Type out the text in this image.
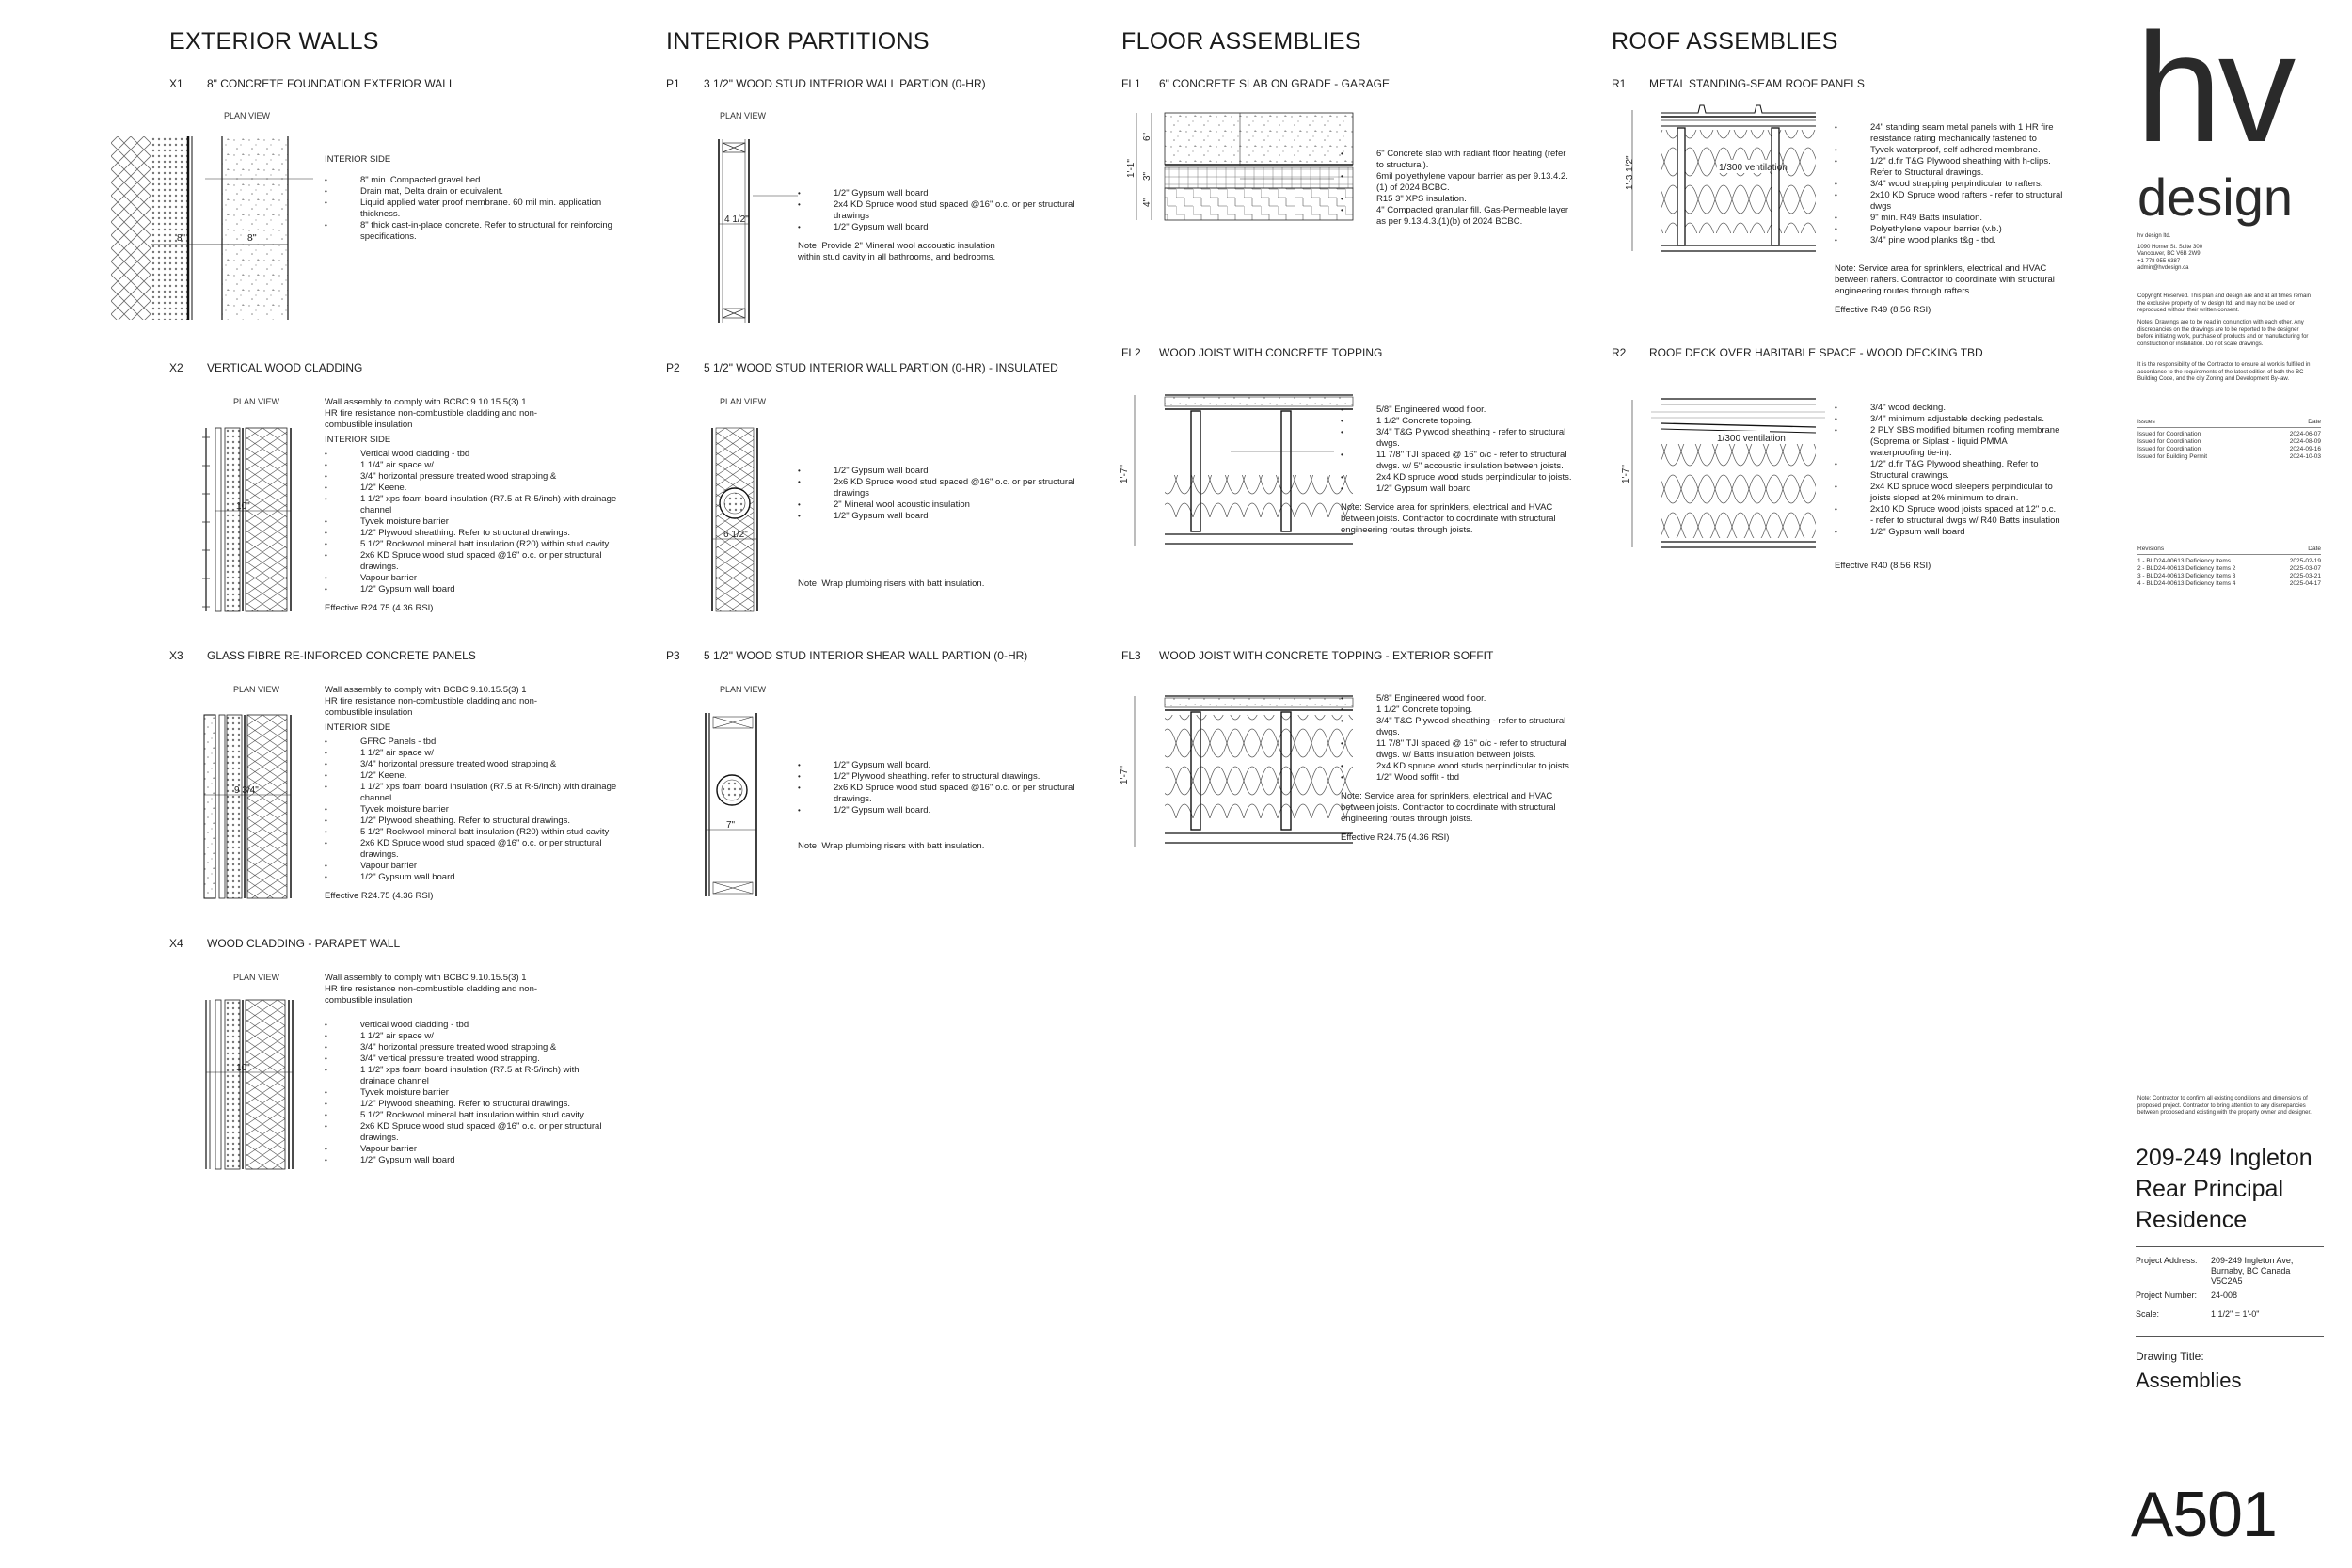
EXTERIOR WALLS	INTERIOR PARTITIONS	FLOOR ASSEMBLIES	ROOF ASSEMBLIES
X1 8" CONCRETE FOUNDATION EXTERIOR WALL
PLAN VIEW
8"	8"
INTERIOR SIDE
• 8" min. Compacted gravel bed.
• Drain mat, Delta drain or equivalent.
• Liquid applied water proof membrane. 60 mil min. application thickness.
• 8" thick cast-in-place concrete. Refer to structural for reinforcing specifications.
X2 VERTICAL WOOD CLADDING
PLAN VIEW
10"
Wall assembly to comply with BCBC 9.10.15.5(3) 1 HR fire resistance non-combustible cladding and non-combustible insulation
INTERIOR SIDE
• Vertical wood cladding - tbd
• 1 1/4" air space w/
• 3/4" horizontal pressure treated wood strapping &
• 1/2" Keene.
• 1 1/2" xps foam board insulation (R7.5 at R-5/inch) with drainage channel
• Tyvek moisture barrier
• 1/2" Plywood sheathing. Refer to structural drawings.
• 5 1/2" Rockwool mineral batt insulation (R20) within stud cavity
• 2x6 KD Spruce wood stud spaced @16" o.c. or per structural drawings.
• Vapour barrier
• 1/2" Gypsum wall board
Effective R24.75 (4.36 RSI)
X3 GLASS FIBRE RE-INFORCED CONCRETE PANELS
PLAN VIEW
9 3/4"
Wall assembly to comply with BCBC 9.10.15.5(3) 1 HR fire resistance non-combustible cladding and non-combustible insulation
INTERIOR SIDE
• GFRC Panels - tbd
• 1 1/2" air space w/
• 3/4" horizontal pressure treated wood strapping &
• 1/2" Keene.
• 1 1/2" xps foam board insulation (R7.5 at R-5/inch) with drainage channel
• Tyvek moisture barrier
• 1/2" Plywood sheathing. Refer to structural drawings.
• 5 1/2" Rockwool mineral batt insulation (R20) within stud cavity
• 2x6 KD Spruce wood stud spaced @16" o.c. or per structural drawings.
• Vapour barrier
• 1/2" Gypsum wall board
Effective R24.75 (4.36 RSI)
X4 WOOD CLADDING - PARAPET WALL
PLAN VIEW
10"
Wall assembly to comply with BCBC 9.10.15.5(3) 1 HR fire resistance non-combustible cladding and non-combustible insulation
• vertical wood cladding - tbd
• 1 1/2" air space w/
• 3/4" horizontal pressure treated wood strapping &
• 3/4" vertical pressure treated wood strapping.
• 1 1/2" xps foam board insulation (R7.5 at R-5/inch) with drainage channel
• Tyvek moisture barrier
• 1/2" Plywood sheathing. Refer to structural drawings.
• 5 1/2" Rockwool mineral batt insulation within stud cavity
• 2x6 KD Spruce wood stud spaced @16" o.c. or per structural drawings.
• Vapour barrier
• 1/2" Gypsum wall board
P1 3 1/2" WOOD STUD INTERIOR WALL PARTION (0-HR)
PLAN VIEW
4 1/2"
• 1/2" Gypsum wall board
• 2x4 KD Spruce wood stud spaced @16" o.c. or per structural drawings
• 1/2" Gypsum wall board
Note: Provide 2" Mineral wool accoustic insulation within stud cavity in all bathrooms, and bedrooms.
P2 5 1/2" WOOD STUD INTERIOR WALL PARTION (0-HR) - INSULATED
PLAN VIEW
6 1/2"
• 1/2" Gypsum wall board
• 2x6 KD Spruce wood stud spaced @16" o.c. or per structural drawings
• 2" Mineral wool acoustic insulation
• 1/2" Gypsum wall board
Note: Wrap plumbing risers with batt insulation.
P3 5 1/2" WOOD STUD INTERIOR SHEAR WALL PARTION (0-HR)
PLAN VIEW
7"
• 1/2" Gypsum wall board.
• 1/2" Plywood sheathing. refer to structural drawings.
• 2x6 KD Spruce wood stud spaced @16" o.c. or per structural drawings.
• 1/2" Gypsum wall board.
Note: Wrap plumbing risers with batt insulation.
FL1 6" CONCRETE SLAB ON GRADE - GARAGE
1'-1"
6"
3"
4"
• 6" Concrete slab with radiant floor heating (refer to structural).
• 6mil polyethylene vapour barrier as per 9.13.4.2.(1) of 2024 BCBC.
• R15 3" XPS insulation.
• 4" Compacted granular fill. Gas-Permeable layer as per 9.13.4.3.(1)(b) of 2024 BCBC.
FL2 WOOD JOIST WITH CONCRETE TOPPING
1'-7"
• 5/8" Engineered wood floor.
• 1 1/2" Concrete topping.
• 3/4" T&G Plywood sheathing - refer to structural dwgs.
• 11 7/8" TJI spaced @ 16" o/c - refer to structural dwgs. w/ 5" accoustic insulation between joists.
• 2x4 KD spruce wood studs perpindicular to joists.
• 1/2" Gypsum wall board
Note: Service area for sprinklers, electrical and HVAC between joists. Contractor to coordinate with structural engineering routes through joists.
FL3 WOOD JOIST WITH CONCRETE TOPPING - EXTERIOR SOFFIT
1'-7"
• 5/8" Engineered wood floor.
• 1 1/2" Concrete topping.
• 3/4" T&G Plywood sheathing - refer to structural dwgs.
• 11 7/8" TJI spaced @ 16" o/c - refer to structural dwgs. w/ Batts insulation between joists.
• 2x4 KD spruce wood studs perpindicular to joists.
• 1/2" Wood soffit - tbd
Note: Service area for sprinklers, electrical and HVAC between joists. Contractor to coordinate with structural engineering routes through joists.
Effective R24.75 (4.36 RSI)
R1 METAL STANDING-SEAM ROOF PANELS
1'-3 1/2"	1/300 ventilation
• 24" standing seam metal panels with 1 HR fire resistance rating mechanically fastened to
• Tyvek waterproof, self adhered membrane.
• 1/2" d.fir T&G Plywood sheathing with h-clips. Refer to Structural drawings.
• 3/4" wood strapping perpindicular to rafters.
• 2x10 KD Spruce wood rafters - refer to structural dwgs
• 9" min. R49 Batts insulation.
• Polyethylene vapour barrier (v.b.)
• 3/4" pine wood planks t&g - tbd.
Note: Service area for sprinklers, electrical and HVAC between rafters. Contractor to coordinate with structural engineering routes through rafters.
Effective R49 (8.56 RSI)
R2 ROOF DECK OVER HABITABLE SPACE - WOOD DECKING TBD
1'-7"
1/300 ventilation
• 3/4" wood decking.
• 3/4" minimum adjustable decking pedestals.
• 2 PLY SBS modified bitumen roofing membrane (Soprema or Siplast - liquid PMMA waterproofing tie-in).
• 1/2" d.fir T&G Plywood sheathing. Refer to Structural drawings.
• 2x4 KD spruce wood sleepers perpindicular to joists sloped at 2% minimum to drain.
• 2x10 KD Spruce wood joists spaced at 12" o.c. - refer to structural dwgs w/ R40 Batts insulation
• 1/2" Gypsum wall board
Effective R40 (8.56 RSI)
hv
design
hv design ltd.
1090 Homer St. Suite 300
Vancouver, BC V6B 2W9
+1 778 955 6387
admin@hvdesign.ca
Copyright Reserved. This plan and design are and at all times remain the exclusive property of hv design ltd. and may not be used or reproduced without their written consent.
Notes: Drawings are to be read in conjunction with each other. Any discrepancies on the drawings are to be reported to the designer before initiating work, purchase of products and or manufacturing for construction or installation. Do not scale drawings.
It is the responsibility of the Contractor to ensure all work is fulfilled in accordance to the requirements of the latest edition of both the BC Building Code, and the city Zoning and Development By-law.
Issues	Date
Issued for Coordination	2024-06-07
Issued for Coordination	2024-08-09
Issued for Coordination	2024-09-16
Issued for Building Permit	2024-10-03
Revisions	Date
1 - BLD24-00613 Deficiency Items	2025-02-19
2 - BLD24-00613 Deficiency Items 2	2025-03-07
3 - BLD24-00613 Deficiency Items 3	2025-03-21
4 - BLD24-00613 Deficiency Items 4	2025-04-17
Note: Contractor to confirm all existing conditions and dimensions of proposed project. Contractor to bring attention to any discrepancies between proposed and existing with the property owner and designer.
209-249 Ingleton
Rear Principal
Residence
Project Address: 209-249 Ingleton Ave,
Burnaby, BC Canada
V5C2A5
Project Number: 24-008
Scale:	1 1/2" = 1'-0"
Drawing Title:
Assemblies
A501
